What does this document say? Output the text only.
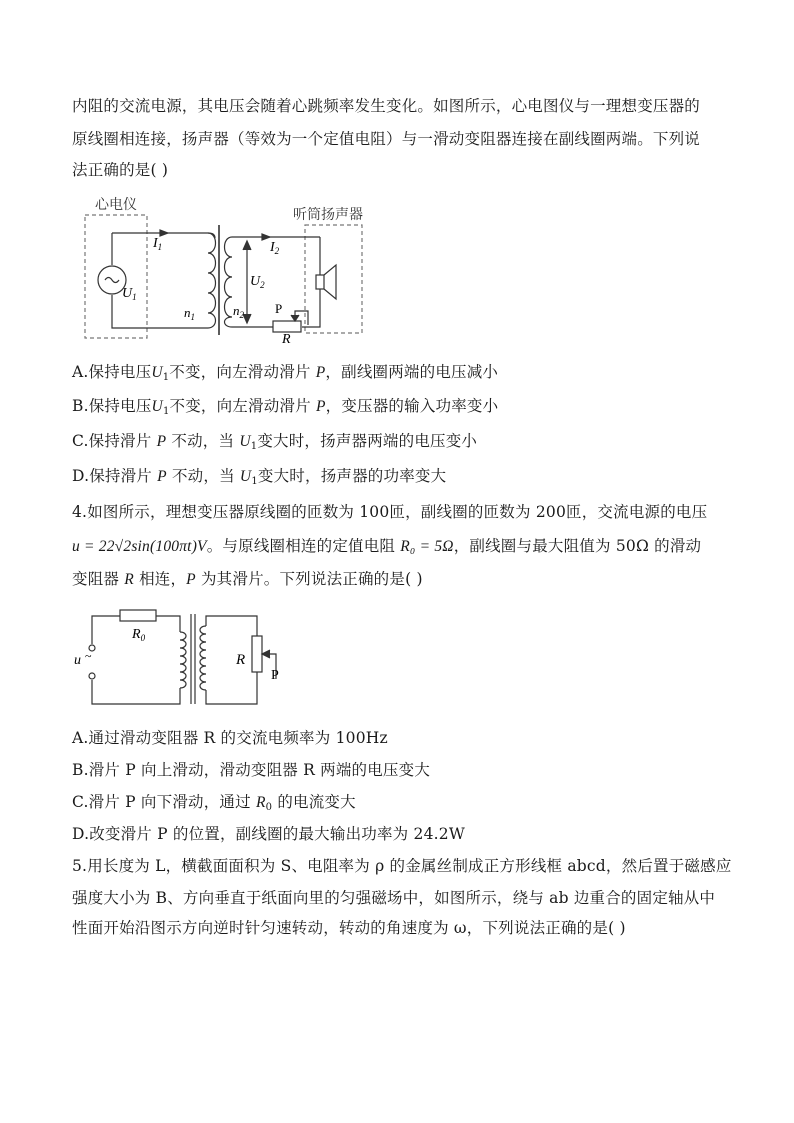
内阻的交流电源，其电压会随着心跳频率发生变化。如图所示，心电图仪与一理想变压器的
原线圈相连接，扬声器（等效为一个定值电阻）与一滑动变阻器连接在副线圈两端。下列说
法正确的是( )
心电仪
听筒扬声器
$I_1$
$U_1$
$n_1$
$I_2$
$U_2$
$n_2$ P
R
A.保持电压$U_1$不变，向左滑动滑片 P，副线圈两端的电压减小
B.保持电压$U_1$不变，向左滑动滑片 P，变压器的输入功率变小
C.保持滑片 P 不动，当 $U_1$变大时，扬声器两端的电压变小
D.保持滑片 P 不动，当 $U_1$变大时，扬声器的功率变大
4.如图所示，理想变压器原线圈的匝数为 100匝，副线圈的匝数为 200匝，交流电源的电压
u = 22√2sin(100πt)V。与原线圈相连的定值电阻 R₀ = 5Ω，副线圈与最大阻值为 50Ω 的滑动
变阻器 R 相连，P 为其滑片。下列说法正确的是( )
$R_0$
u ~	R
P
A.通过滑动变阻器 R 的交流电频率为 100Hz
B.滑片 P 向上滑动，滑动变阻器 R 两端的电压变大
C.滑片 P 向下滑动，通过 $R_0$ 的电流变大
D.改变滑片 P 的位置，副线圈的最大输出功率为 24.2W
5.用长度为 L，横截面面积为 S、电阻率为 ρ 的金属丝制成正方形线框 abcd，然后置于磁感应
强度大小为 B、方向垂直于纸面向里的匀强磁场中，如图所示，绕与 ab 边重合的固定轴从中
性面开始沿图示方向逆时针匀速转动，转动的角速度为 ω，下列说法正确的是( )
